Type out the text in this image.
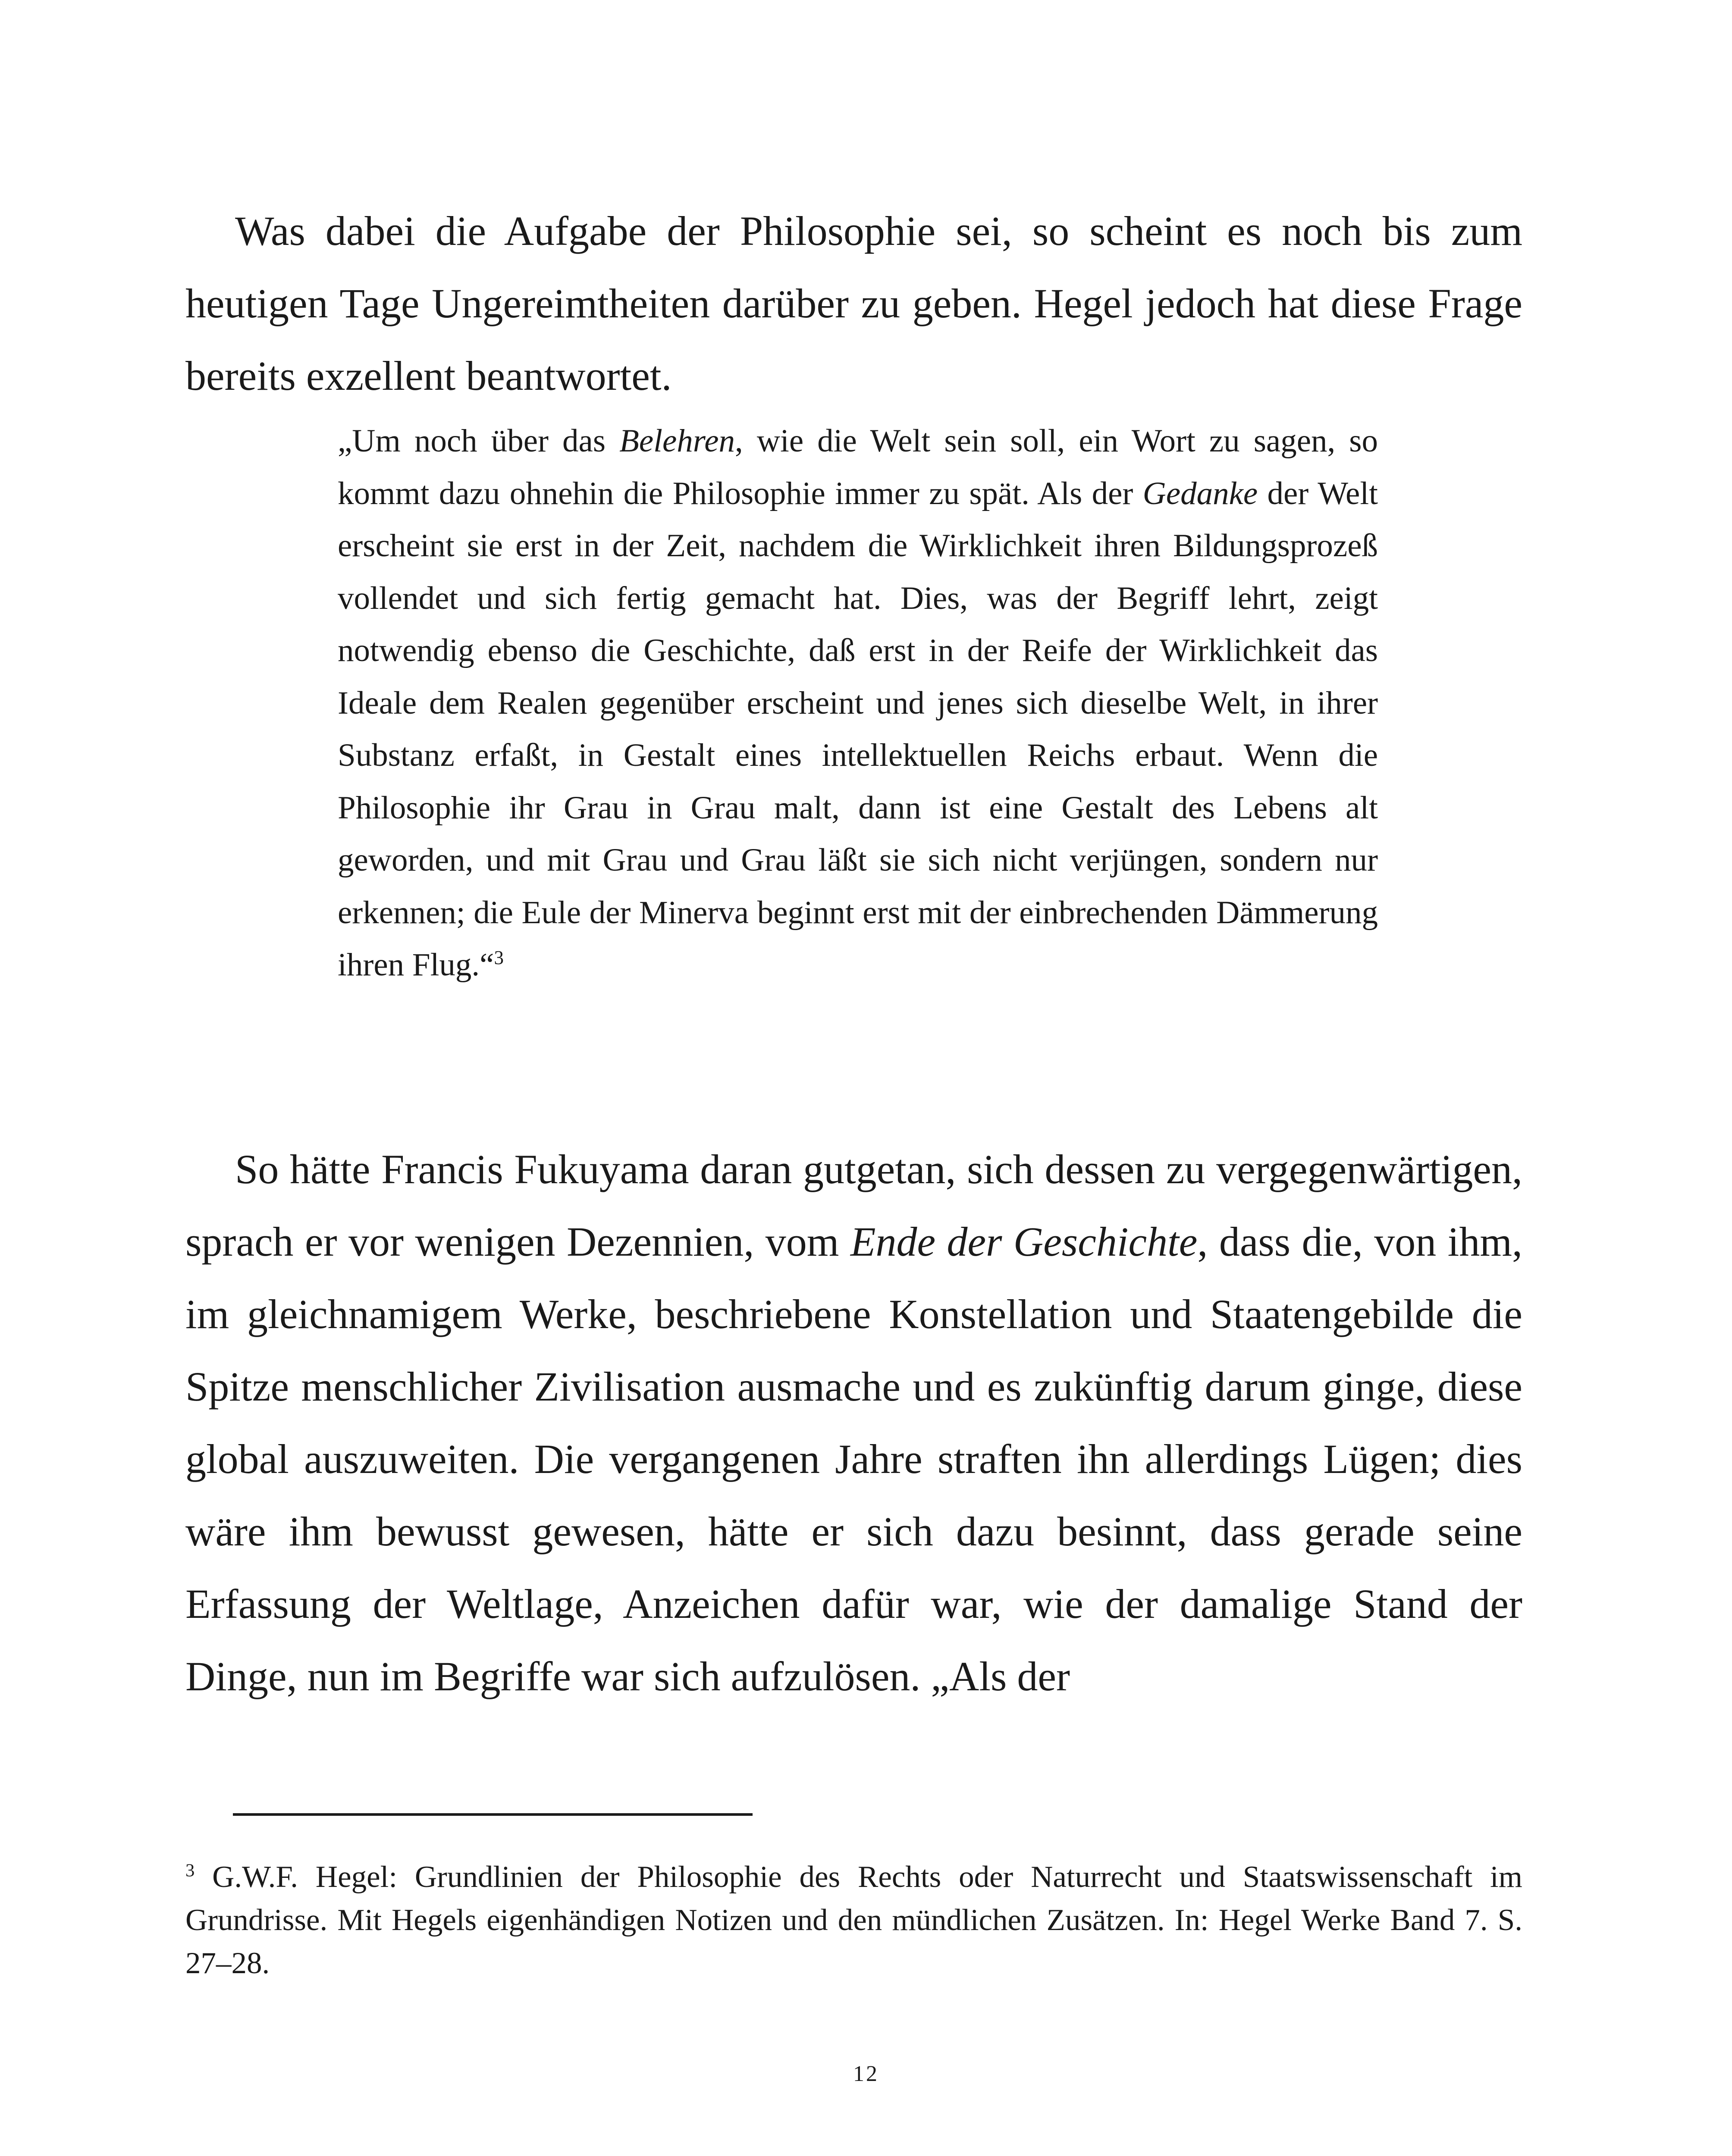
Was dabei die Aufgabe der Philosophie sei, so scheint es noch bis zum heutigen Tage Ungereimtheiten darüber zu geben. Hegel jedoch hat diese Frage bereits exzellent beantwortet.

„Um noch über das Belehren, wie die Welt sein soll, ein Wort zu sagen, so kommt dazu ohnehin die Philosophie immer zu spät. Als der Gedanke der Welt erscheint sie erst in der Zeit, nachdem die Wirklichkeit ihren Bildungsprozeß vollendet und sich fertig gemacht hat. Dies, was der Begriff lehrt, zeigt notwendig ebenso die Geschichte, daß erst in der Reife der Wirklichkeit das Ideale dem Realen gegenüber erscheint und jenes sich dieselbe Welt, in ihrer Substanz erfaßt, in Gestalt eines intellektuellen Reichs erbaut. Wenn die Philosophie ihr Grau in Grau malt, dann ist eine Gestalt des Lebens alt geworden, und mit Grau und Grau läßt sie sich nicht verjüngen, sondern nur erkennen; die Eule der Minerva beginnt erst mit der einbrechenden Dämmerung ihren Flug.“$^3$

So hätte Francis Fukuyama daran gutgetan, sich dessen zu vergegenwärtigen, sprach er vor wenigen Dezennien, vom Ende der Geschichte, dass die, von ihm, im gleichnamigem Werke, beschriebene Konstellation und Staatengebilde die Spitze menschlicher Zivilisation ausmache und es zukünftig darum ginge, diese global auszuweiten. Die vergangenen Jahre straften ihn allerdings Lügen; dies wäre ihm bewusst gewesen, hätte er sich dazu besinnt, dass gerade seine Erfassung der Weltlage, Anzeichen dafür war, wie der damalige Stand der Dinge, nun im Begriffe war sich aufzulösen. „Als der

$^3$ G.W.F. Hegel: Grundlinien der Philosophie des Rechts oder Naturrecht und Staatswissenschaft im Grundrisse. Mit Hegels eigenhändigen Notizen und den mündlichen Zusätzen. In: Hegel Werke Band 7. S. 27–28.

12
